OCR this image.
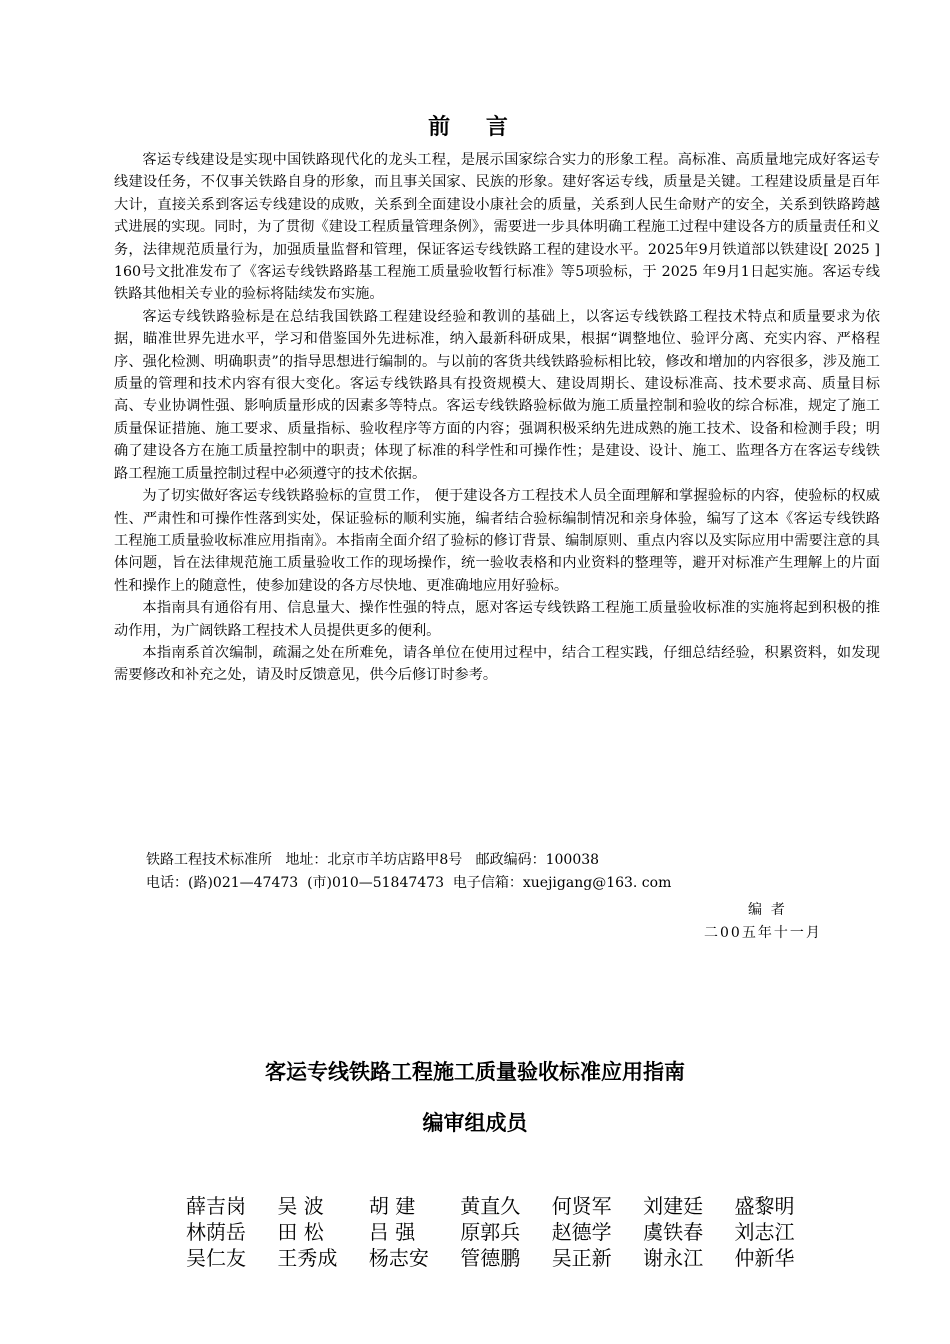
前 言

客运专线建设是实现中国铁路现代化的龙头工程，是展示国家综合实力的形象工程。高标准、高质量地完成好客运专线建设任务，不仅事关铁路自身的形象，而且事关国家、民族的形象。建好客运专线，质量是关键。工程建设质量是百年大计，直接关系到客运专线建设的成败，关系到全面建设小康社会的质量，关系到人民生命财产的安全，关系到铁路跨越式进展的实现。同时，为了贯彻《建设工程质量管理条例》，需要进一步具体明确工程施工过程中建设各方的质量责任和义务，法律规范质量行为，加强质量监督和管理，保证客运专线铁路工程的建设水平。2025年9月铁道部以铁建设[ 2025 ] 160号文批准发布了《客运专线铁路路基工程施工质量验收暂行标准》等5项验标，于 2025 年9月1日起实施。客运专线铁路其他相关专业的验标将陆续发布实施。

客运专线铁路验标是在总结我国铁路工程建设经验和教训的基础上，以客运专线铁路工程技术特点和质量要求为依据，瞄准世界先进水平，学习和借鉴国外先进标准，纳入最新科研成果，根据“调整地位、验评分离、充实内容、严格程序、强化检测、明确职责”的指导思想进行编制的。与以前的客货共线铁路验标相比较，修改和增加的内容很多，涉及施工质量的管理和技术内容有很大变化。客运专线铁路具有投资规模大、建设周期长、建设标准高、技术要求高、质量目标高、专业协调性强、影响质量形成的因素多等特点。客运专线铁路验标做为施工质量控制和验收的综合标准，规定了施工质量保证措施、施工要求、质量指标、验收程序等方面的内容；强调积极采纳先进成熟的施工技术、设备和检测手段；明确了建设各方在施工质量控制中的职责；体现了标准的科学性和可操作性；是建设、设计、施工、监理各方在客运专线铁路工程施工质量控制过程中必须遵守的技术依据。

为了切实做好客运专线铁路验标的宣贯工作， 便于建设各方工程技术人员全面理解和掌握验标的内容，使验标的权威性、严肃性和可操作性落到实处，保证验标的顺利实施，编者结合验标编制情况和亲身体验，编写了这本《客运专线铁路工程施工质量验收标准应用指南》。本指南全面介绍了验标的修订背景、编制原则、重点内容以及实际应用中需要注意的具体问题，旨在法律规范施工质量验收工作的现场操作，统一验收表格和内业资料的整理等，避开对标准产生理解上的片面性和操作上的随意性，使参加建设的各方尽快地、更准确地应用好验标。

本指南具有通俗有用、信息量大、操作性强的特点，愿对客运专线铁路工程施工质量验收标准的实施将起到积极的推动作用，为广阔铁路工程技术人员提供更多的便利。

本指南系首次编制，疏漏之处在所难免，请各单位在使用过程中，结合工程实践，仔细总结经验，积累资料，如发现需要修改和补充之处，请及时反馈意见，供今后修订时参考。

铁路工程技术标准所   地址：北京市羊坊店路甲8号   邮政编码：100038
电话：(路)021—47473  (市)010—51847473  电子信箱：xuejigang@163. com
编  者
二00五年十一月
客运专线铁路工程施工质量验收标准应用指南
编审组成员
薛吉岗	吴 波	胡 建	黄直久	何贤军	刘建廷	盛黎明
林荫岳	田 松	吕 强	原郭兵	赵德学	虞铁春	刘志江
吴仁友	王秀成	杨志安	管德鹏	吴正新	谢永江	仲新华
